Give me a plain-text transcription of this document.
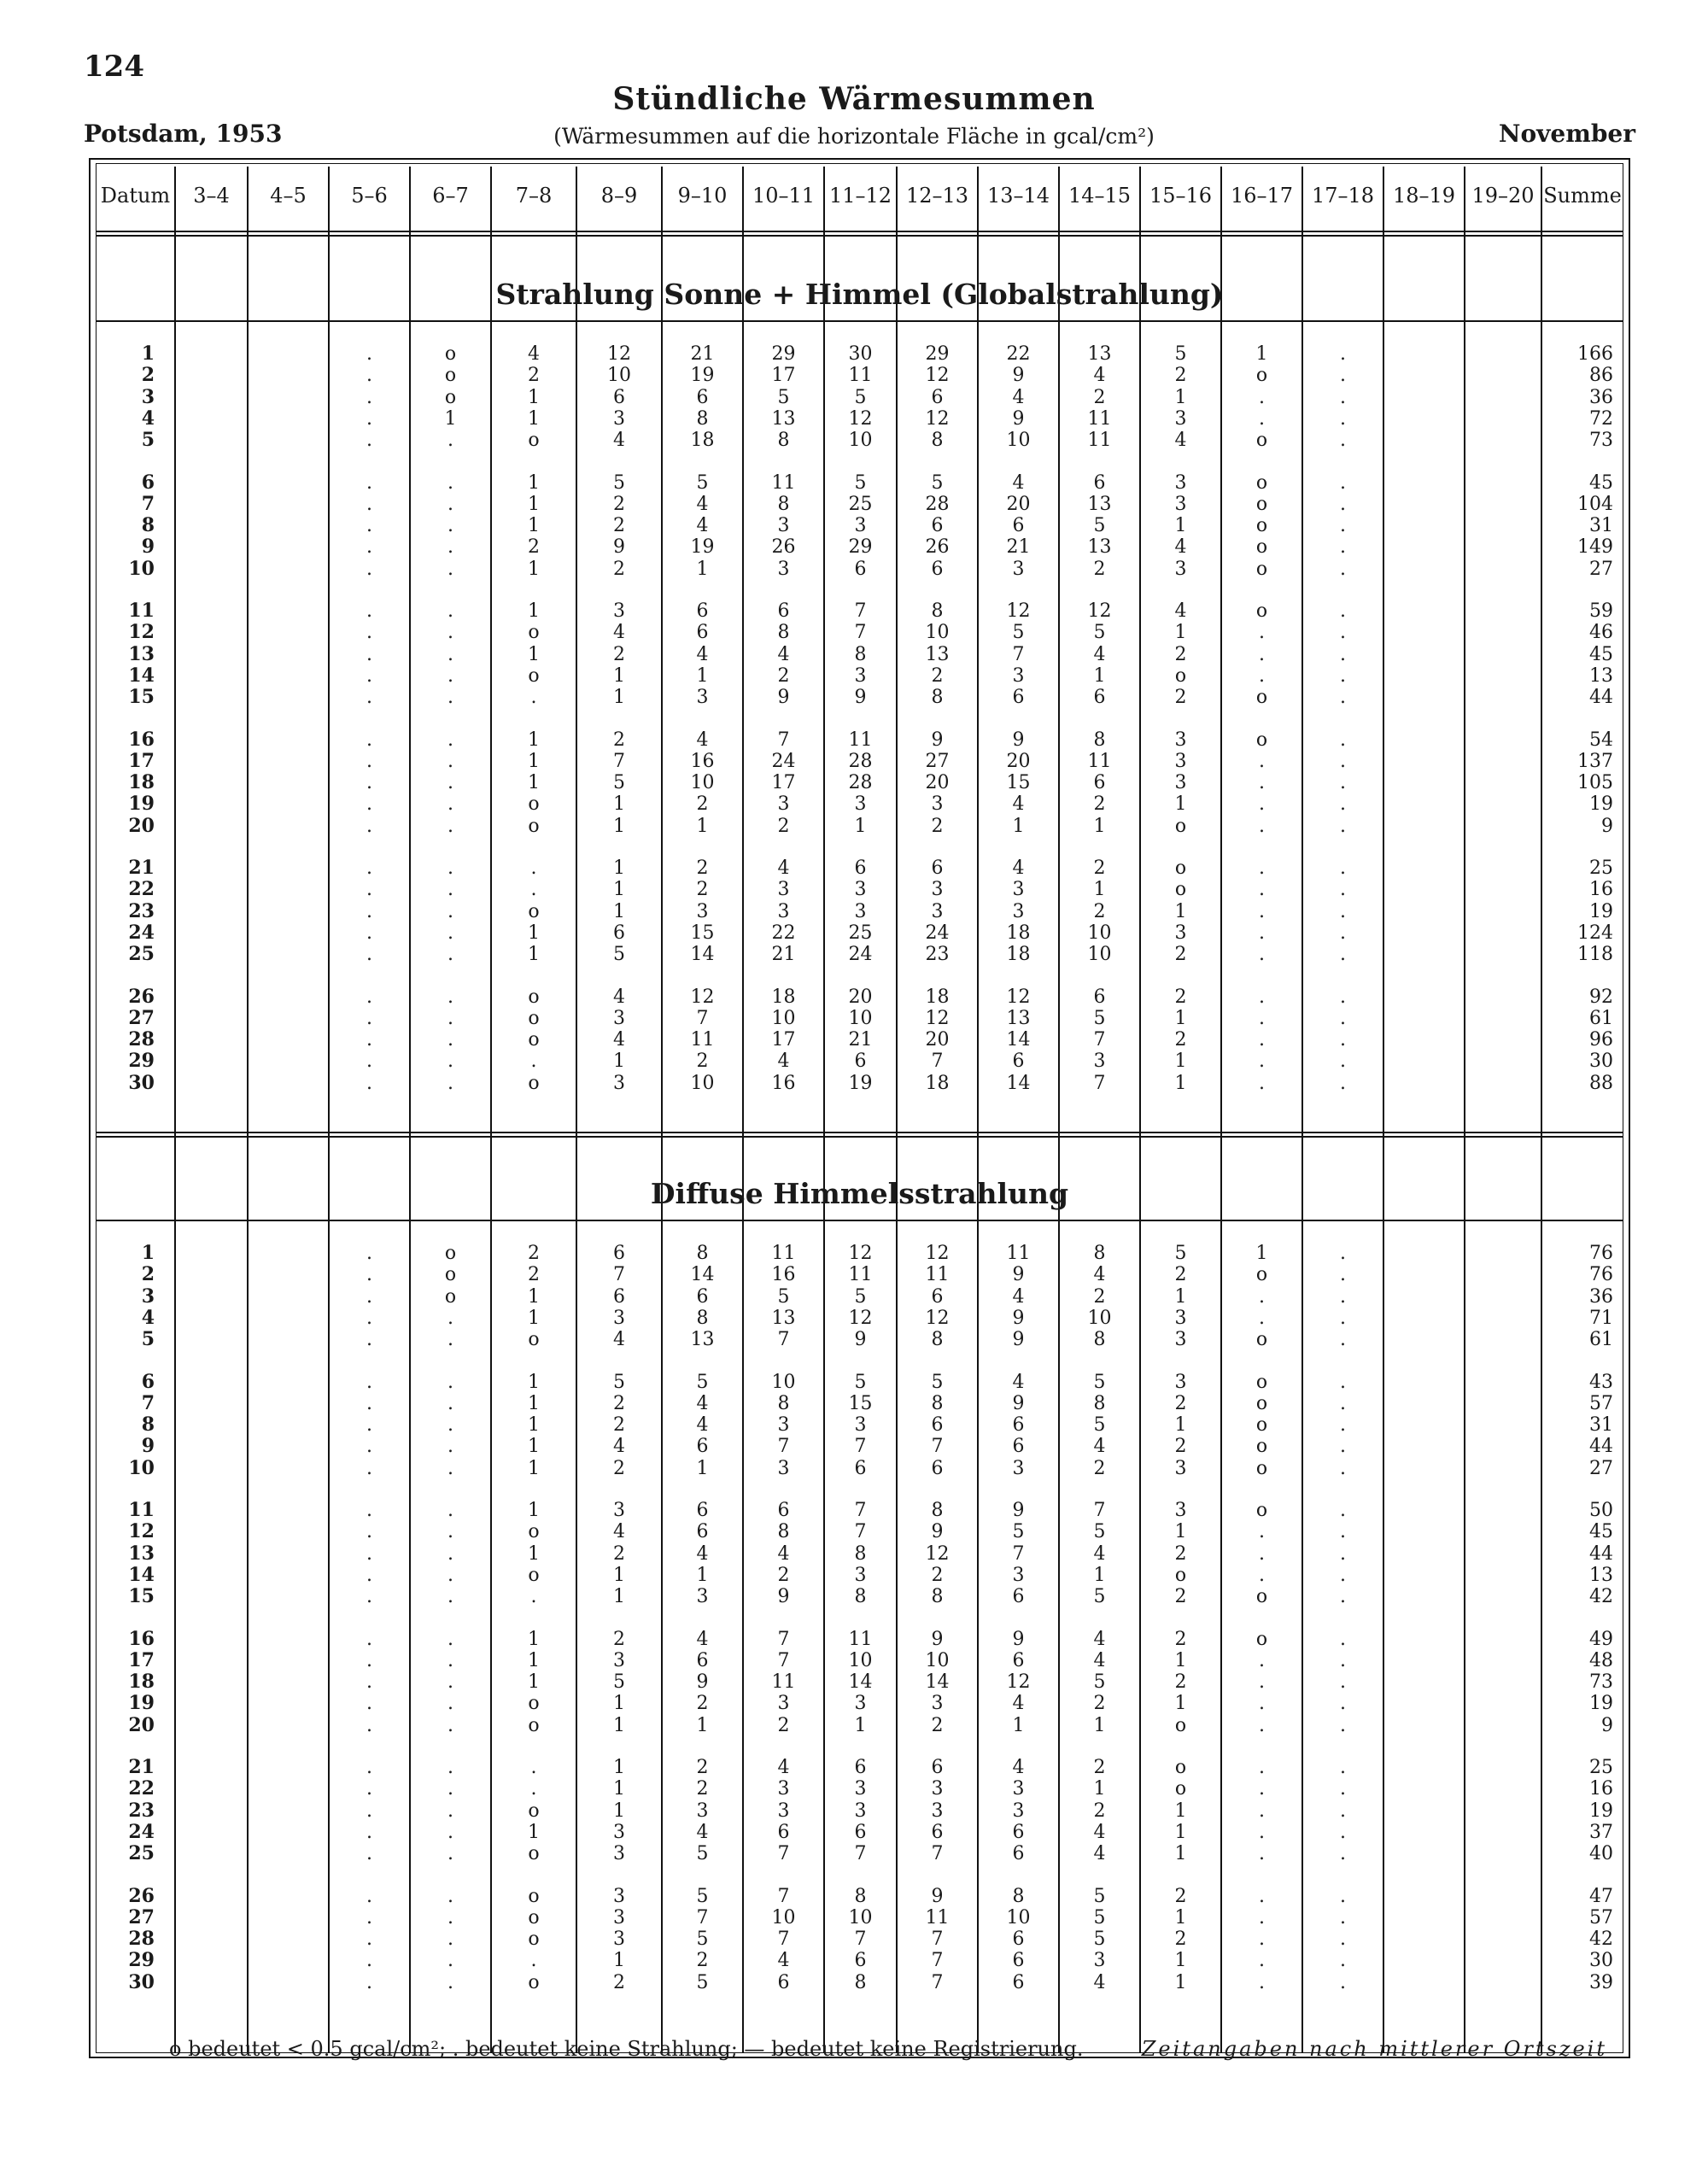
124
Potsdam, 1953
Stündliche Wärmesummen
(Wärmesummen auf die horizontale Fläche in gcal/cm²)	November
Datum	3–4	4–5	5–6	6–7	7–8	8–9	9–10	10–11 11–12 12–13 13–14 14–15 15–16 16–17 17–18 18–19 19–20 Summe
Strahlung Sonne + Himmel (Globalstrahlung)
1	.	o	4	12	21	29	30	29	22	13	5	1	.	166
2	.	o	2	10	19	17	11	12	9	4	2	o	.	86
3	.	o	1	6	6	5	5	6	4	2	1	.	.	36
4	.	1	1	3	8	13	12	12	9	11	3	.	.	72
5	.	.	o	4	18	8	10	8	10	11	4	o	.	73
6	.	.	1	5	5	11	5	5	4	6	3	o	.	45
7	.	.	1	2	4	8	25	28	20	13	3	o	.	104
8	.	.	1	2	4	3	3	6	6	5	1	o	.	31
9	.	.	2	9	19	26	29	26	21	13	4	o	.	149
10	.	.	1	2	1	3	6	6	3	2	3	o	.	27
11	.	.	1	3	6	6	7	8	12	12	4	o	.	59
12	.	.	o	4	6	8	7	10	5	5	1	.	.	46
13	.	.	1	2	4	4	8	13	7	4	2	.	.	45
14	.	.	o	1	1	2	3	2	3	1	o	.	.	13
15	.	.	.	1	3	9	9	8	6	6	2	o	.	44
16	.	.	1	2	4	7	11	9	9	8	3	o	.	54
17	.	.	1	7	16	24	28	27	20	11	3	.	.	137
18	.	.	1	5	10	17	28	20	15	6	3	.	.	105
19	.	.	o	1	2	3	3	3	4	2	1	.	.	19
20	.	.	o	1	1	2	1	2	1	1	o	.	.	9
21	.	.	.	1	2	4	6	6	4	2	o	.	.	25
22	.	.	.	1	2	3	3	3	3	1	o	.	.	16
23	.	.	o	1	3	3	3	3	3	2	1	.	.	19
24	.	.	1	6	15	22	25	24	18	10	3	.	.	124
25	.	.	1	5	14	21	24	23	18	10	2	.	.	118
26	.	.	o	4	12	18	20	18	12	6	2	.	.	92
27	.	.	o	3	7	10	10	12	13	5	1	.	.	61
28	.	.	o	4	11	17	21	20	14	7	2	.	.	96
29	.	.	.	1	2	4	6	7	6	3	1	.	.	30
30	.	.	o	3	10	16	19	18	14	7	1	.	.	88
Diffuse Himmelsstrahlung
1	.	o	2	6	8	11	12	12	11	8	5	1	.	76
2	.	o	2	7	14	16	11	11	9	4	2	o	.	76
3	.	o	1	6	6	5	5	6	4	2	1	.	.	36
4	.	.	1	3	8	13	12	12	9	10	3	.	.	71
5	.	.	o	4	13	7	9	8	9	8	3	o	.	61
6	.	.	1	5	5	10	5	5	4	5	3	o	.	43
7	.	.	1	2	4	8	15	8	9	8	2	o	.	57
8	.	.	1	2	4	3	3	6	6	5	1	o	.	31
9	.	.	1	4	6	7	7	7	6	4	2	o	.	44
10	.	.	1	2	1	3	6	6	3	2	3	o	.	27
11	.	.	1	3	6	6	7	8	9	7	3	o	.	50
12	.	.	o	4	6	8	7	9	5	5	1	.	.	45
13	.	.	1	2	4	4	8	12	7	4	2	.	.	44
14	.	.	o	1	1	2	3	2	3	1	o	.	.	13
15	.	.	.	1	3	9	8	8	6	5	2	o	.	42
16	.	.	1	2	4	7	11	9	9	4	2	o	.	49
17	.	.	1	3	6	7	10	10	6	4	1	.	.	48
18	.	.	1	5	9	11	14	14	12	5	2	.	.	73
19	.	.	o	1	2	3	3	3	4	2	1	.	.	19
20	.	.	o	1	1	2	1	2	1	1	o	.	.	9
21	.	.	.	1	2	4	6	6	4	2	o	.	.	25
22	.	.	.	1	2	3	3	3	3	1	o	.	.	16
23	.	.	o	1	3	3	3	3	3	2	1	.	.	19
24	.	.	1	3	4	6	6	6	6	4	1	.	.	37
25	.	.	o	3	5	7	7	7	6	4	1	.	.	40
26	.	.	o	3	5	7	8	9	8	5	2	.	.	47
27	.	.	o	3	7	10	10	11	10	5	1	.	.	57
28	.	.	o	3	5	7	7	7	6	5	2	.	.	42
29	.	.	.	1	2	4	6	7	6	3	1	.	.	30
30	.	.	o	2	5	6	8	7	6	4	1	.	.	39
o bedeutet < 0.5 gcal/cm²; . bedeutet keine Strahlung; — bedeutet keine Registrierung.	Zeitangaben nach mittlerer Ortszeit
